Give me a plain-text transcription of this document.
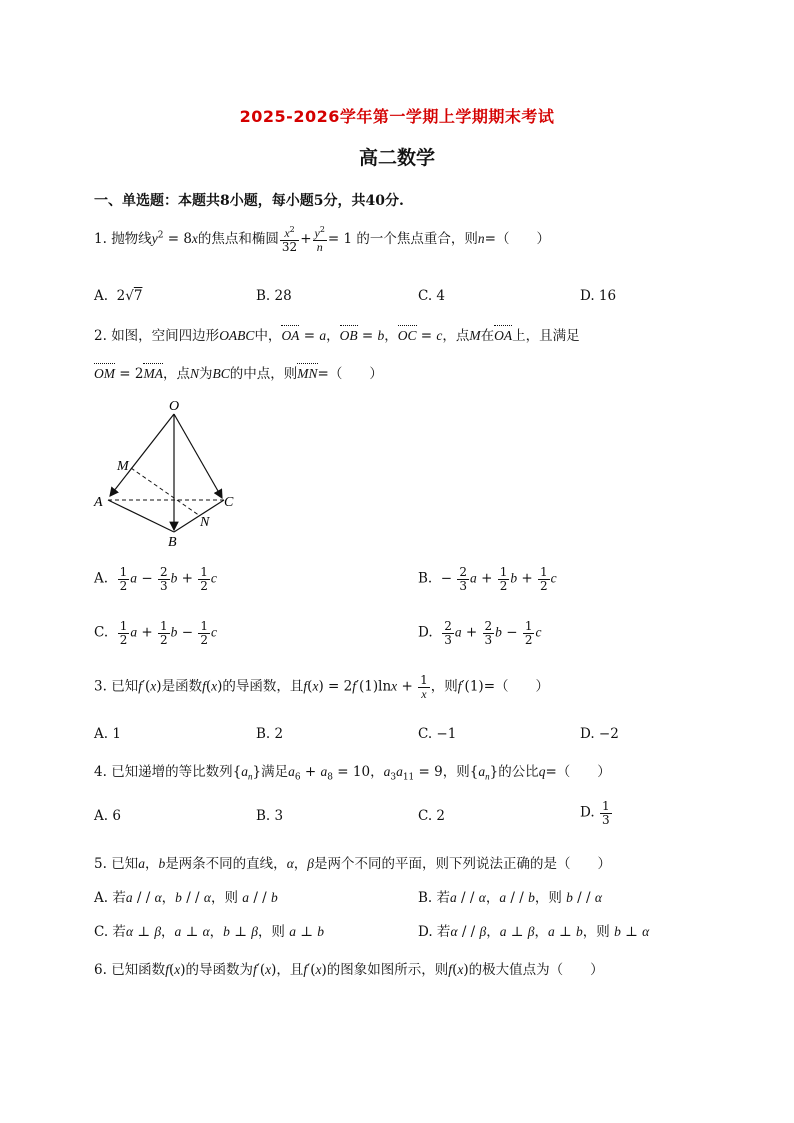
2025-2026学年第一学期上学期期末考试
高二数学
一、单选题：本题共8小题，每小题5分，共40分.
1. 抛物线$y^2 = 8x$的焦点和椭圆 $\frac{x^2}{32} + \frac{y^2}{n} = 1$ 的一个焦点重合，则n=（　　）
A.  2√7	B. 28	C. 4	D. 16
2. 如图，空间四边形OABC中，OA = a，OB = b，OC = c，点M在OA上，且满足
OM = 2MA，点N为BC的中点，则MN=（　　）
O
M
A	C
N
B
A. $\frac{1}{2}$ $a - \frac{2}{3}$ $b + \frac{1}{2}$ c	B.  − $\frac{2}{3}$ $a + \frac{1}{2}$ $b + \frac{1}{2}$ c
C. $\frac{1}{2}$ $a + \frac{1}{2}$ $b - \frac{1}{2}$ c	D. $\frac{2}{3}$ $a + \frac{2}{3}$ $b - \frac{1}{2}$ c
3. 已知f′(x)是函数f(x)的导函数，且$f(x) = 2f'(1)\ln x + \frac{1}{x}$ ，则f′(1)=（　　）
A. 1	B. 2	C. −1	D. −2
4. 已知递增的等比数列$\{a_n\}$满足$a_6 + a_8 = 10$，$a_3a_{11} = 9$，则$\{a_n\}$的公比q=（　　）
A. 6	B. 3	C. 2	D. $\frac{1}{3}$
5. 已知a，b是两条不同的直线，α，β是两个不同的平面，则下列说法正确的是（　　）
A. 若a / / α，b / / α，则 a / / b	B. 若a / / α，a / / b，则 b / / α
C. 若α ⊥ β，a ⊥ α，b ⊥ β，则 a ⊥ b	D. 若α / / β，a ⊥ β，a ⊥ b，则 b ⊥ α
6. 已知函数f(x)的导函数为f′(x)，且f′(x)的图象如图所示，则f(x)的极大值点为（　　）
